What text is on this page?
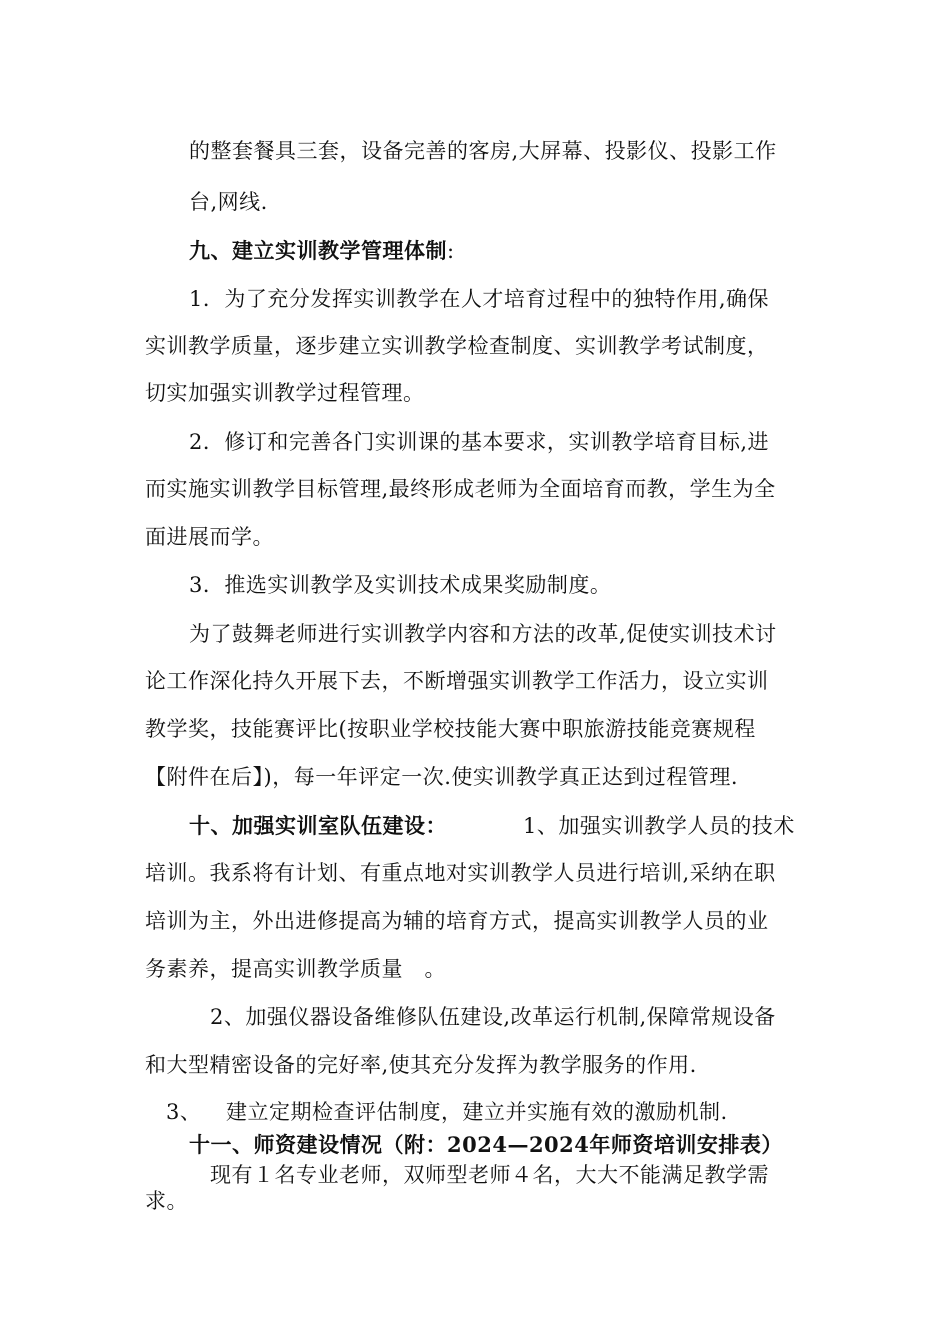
的整套餐具三套，设备完善的客房,大屏幕、投影仪、投影工作
台,网线.
九、建立实训教学管理体制:
1．为了充分发挥实训教学在人才培育过程中的独特作用,确保
实训教学质量，逐步建立实训教学检查制度、实训教学考试制度，
切实加强实训教学过程管理。
2．修订和完善各门实训课的基本要求，实训教学培育目标,进
而实施实训教学目标管理,最终形成老师为全面培育而教，学生为全
面进展而学。
3．推选实训教学及实训技术成果奖励制度。
为了鼓舞老师进行实训教学内容和方法的改革,促使实训技术讨
论工作深化持久开展下去，不断增强实训教学工作活力，设立实训
教学奖，技能赛评比(按职业学校技能大赛中职旅游技能竞赛规程
【附件在后】)，每一年评定一次.使实训教学真正达到过程管理.
十、加强实训室队伍建设：	1、加强实训教学人员的技术
培训。我系将有计划、有重点地对实训教学人员进行培训,采纳在职
培训为主，外出进修提高为辅的培育方式，提高实训教学人员的业
务素养，提高实训教学质量　。
2、加强仪器设备维修队伍建设,改革运行机制,保障常规设备
和大型精密设备的完好率,使其充分发挥为教学服务的作用.
3、 建立定期检查评估制度，建立并实施有效的激励机制.
十一、师资建设情况（附：2024—2024年师资培训安排表）
现有１名专业老师，双师型老师４名，大大不能满足教学需
求。
